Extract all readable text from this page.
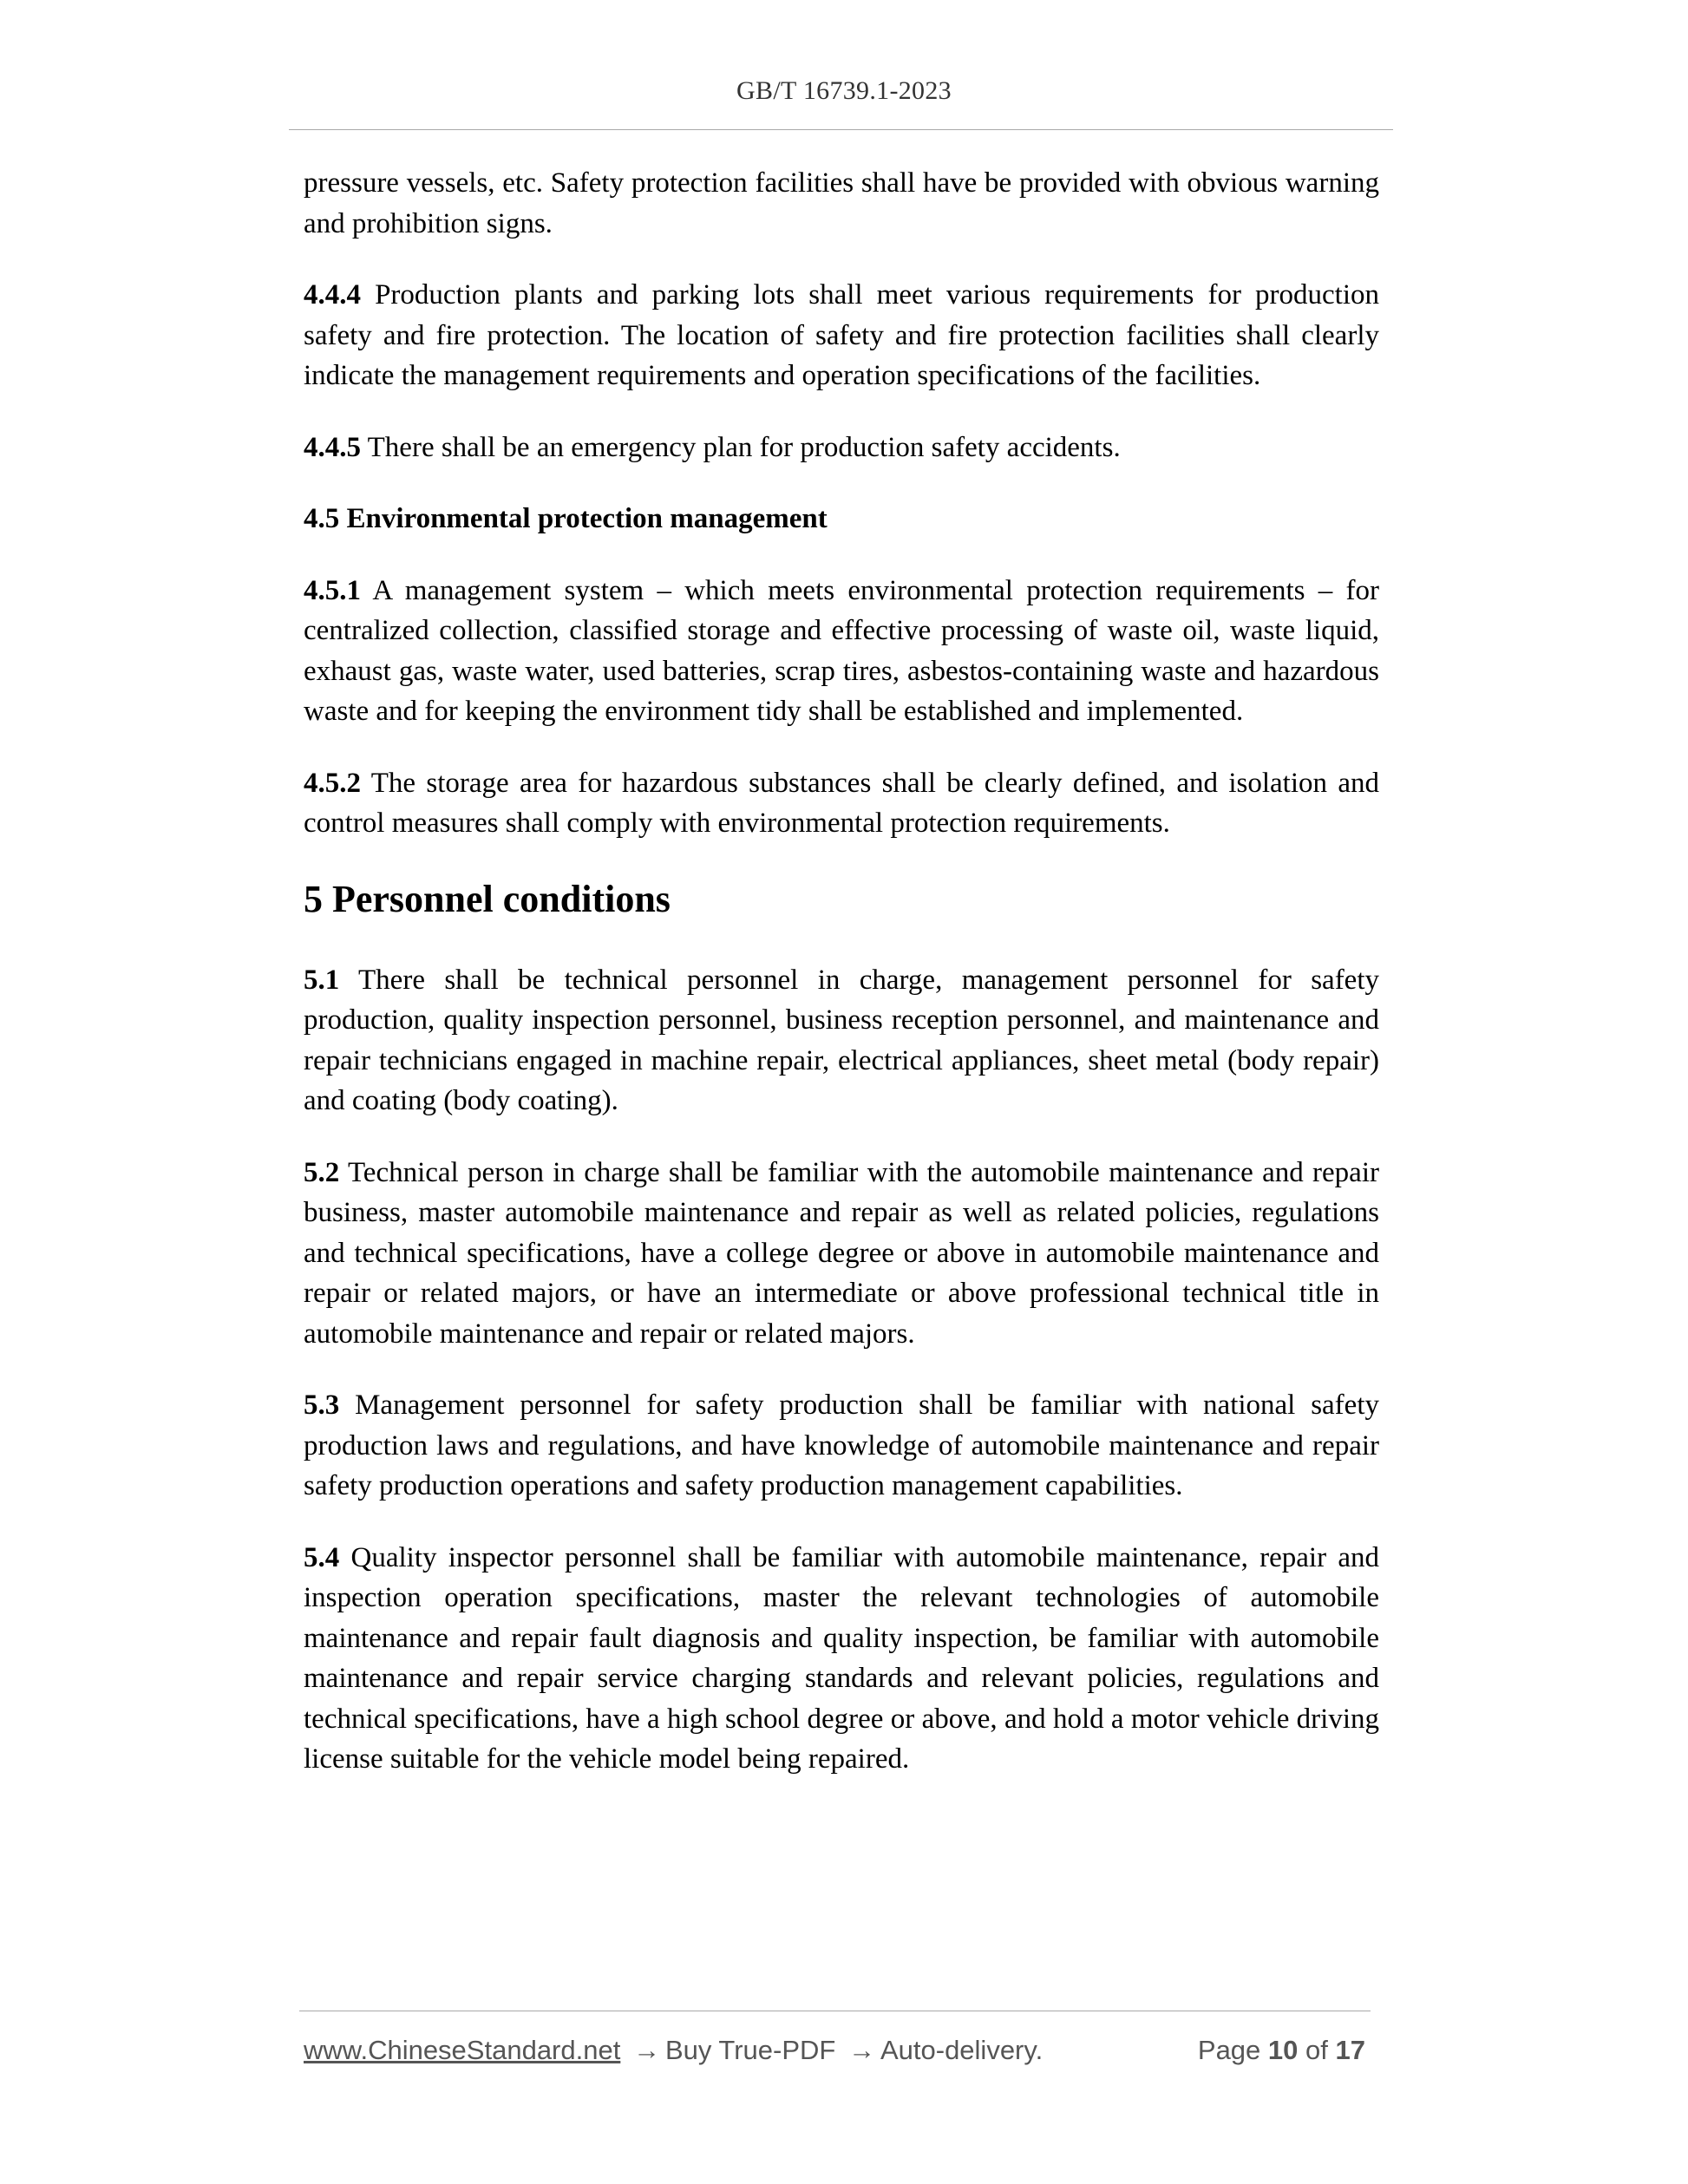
GB/T 16739.1-2023

pressure vessels, etc. Safety protection facilities shall have be provided with obvious warning and prohibition signs.

4.4.4 Production plants and parking lots shall meet various requirements for production safety and fire protection. The location of safety and fire protection facilities shall clearly indicate the management requirements and operation specifications of the facilities.

4.4.5 There shall be an emergency plan for production safety accidents.

4.5 Environmental protection management

4.5.1 A management system – which meets environmental protection requirements – for centralized collection, classified storage and effective processing of waste oil, waste liquid, exhaust gas, waste water, used batteries, scrap tires, asbestos-containing waste and hazardous waste and for keeping the environment tidy shall be established and implemented.

4.5.2 The storage area for hazardous substances shall be clearly defined, and isolation and control measures shall comply with environmental protection requirements.

5 Personnel conditions

5.1 There shall be technical personnel in charge, management personnel for safety production, quality inspection personnel, business reception personnel, and maintenance and repair technicians engaged in machine repair, electrical appliances, sheet metal (body repair) and coating (body coating).

5.2 Technical person in charge shall be familiar with the automobile maintenance and repair business, master automobile maintenance and repair as well as related policies, regulations and technical specifications, have a college degree or above in automobile maintenance and repair or related majors, or have an intermediate or above professional technical title in automobile maintenance and repair or related majors.

5.3 Management personnel for safety production shall be familiar with national safety production laws and regulations, and have knowledge of automobile maintenance and repair safety production operations and safety production management capabilities.

5.4 Quality inspector personnel shall be familiar with automobile maintenance, repair and inspection operation specifications, master the relevant technologies of automobile maintenance and repair fault diagnosis and quality inspection, be familiar with automobile maintenance and repair service charging standards and relevant policies, regulations and technical specifications, have a high school degree or above, and hold a motor vehicle driving license suitable for the vehicle model being repaired.

www.ChineseStandard.net → Buy True-PDF → Auto-delivery.	Page 10 of 17
